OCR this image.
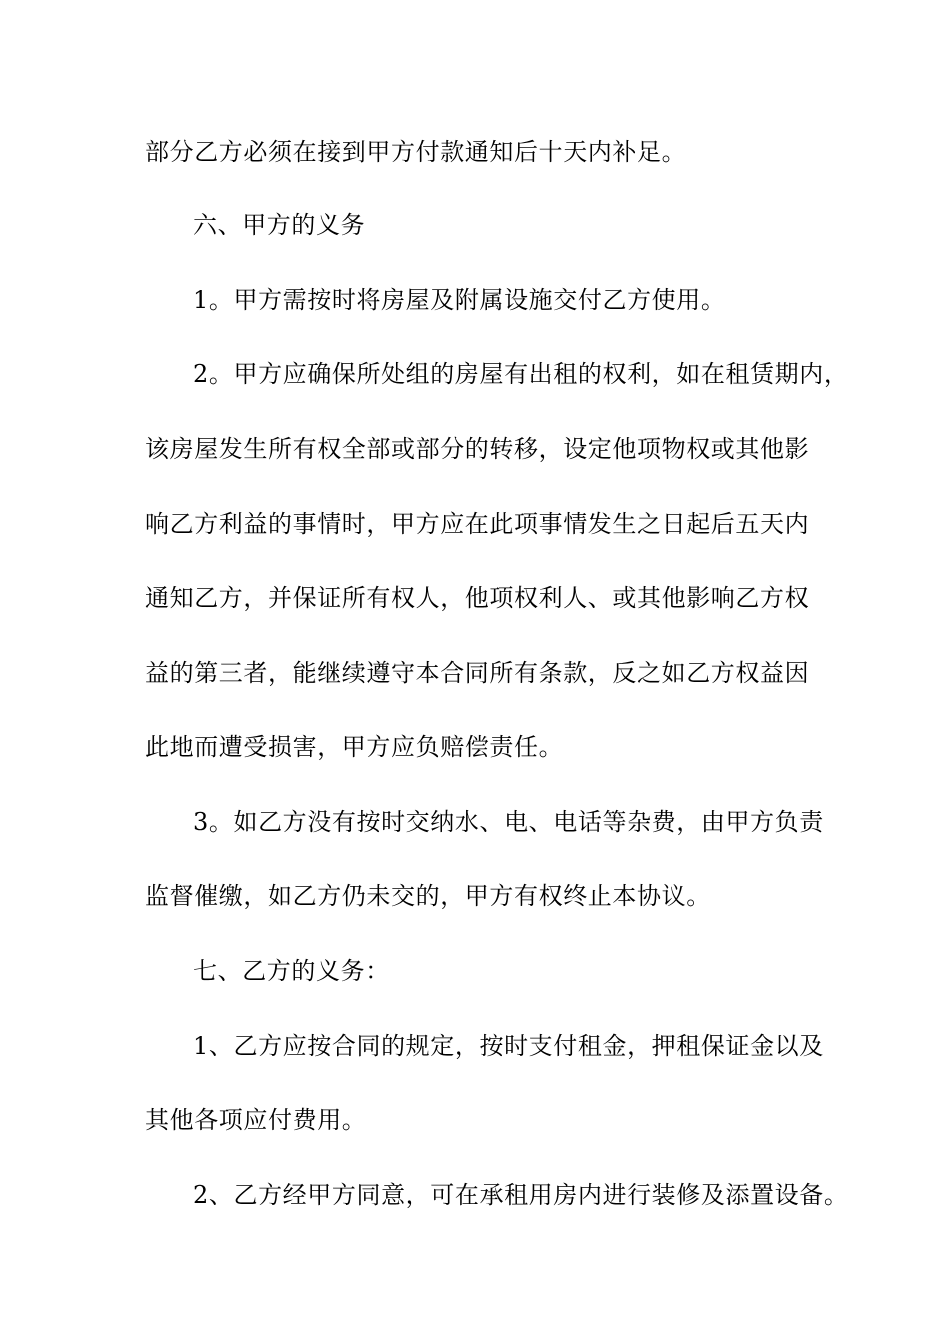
部分乙方必须在接到甲方付款通知后十天内补足。
六、甲方的义务
1。甲方需按时将房屋及附属设施交付乙方使用。
2。甲方应确保所处组的房屋有出租的权利，如在租赁期内，
该房屋发生所有权全部或部分的转移，设定他项物权或其他影
响乙方利益的事情时，甲方应在此项事情发生之日起后五天内
通知乙方，并保证所有权人，他项权利人、或其他影响乙方权
益的第三者，能继续遵守本合同所有条款，反之如乙方权益因
此地而遭受损害，甲方应负赔偿责任。
3。如乙方没有按时交纳水、电、电话等杂费，由甲方负责
监督催缴，如乙方仍未交的，甲方有权终止本协议。
七、乙方的义务：
1、乙方应按合同的规定，按时支付租金，押租保证金以及
其他各项应付费用。
2、乙方经甲方同意，可在承租用房内进行装修及添置设备。
